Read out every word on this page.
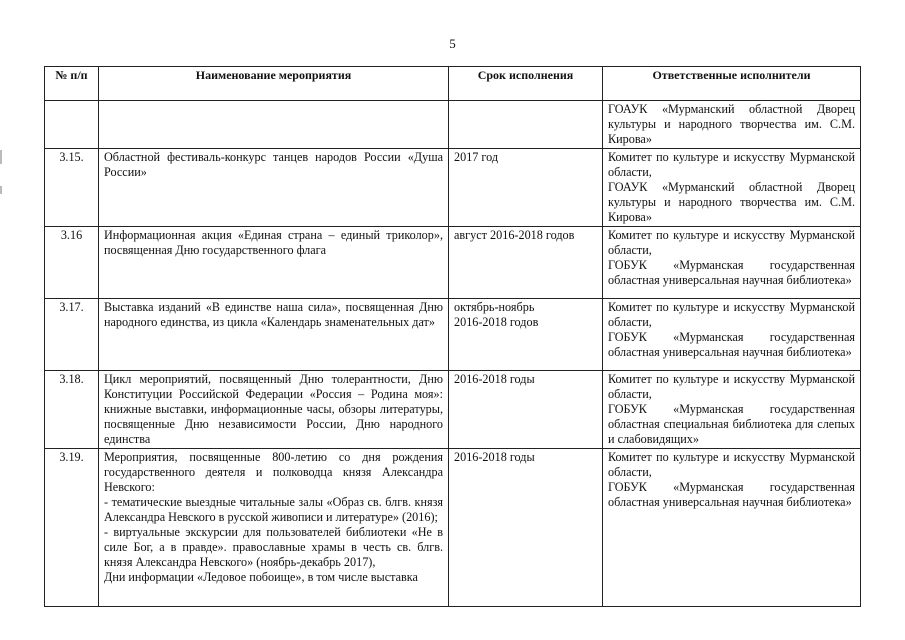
5
№ п/п	Наименование мероприятия	Срок исполнения	Ответственные исполнители

			ГОАУК «Мурманский областной Дворец культуры и народного творчества им. С.М. Кирова»

3.15.	Областной фестиваль-конкурс танцев народов России «Душа России»	2017 год	Комитет по культуре и искусству Мурманской области,
ГОАУК «Мурманский областной Дворец культуры и народного творчества им. С.М. Кирова»

3.16	Информационная акция «Единая страна – единый триколор», посвященная Дню государственного флага	август 2016-2018 годов	Комитет по культуре и искусству Мурманской области,
ГОБУК «Мурманская государственная областная универсальная научная библиотека»

3.17.	Выставка изданий «В единстве наша сила», посвященная Дню народного единства, из цикла «Календарь знаменательных дат»	октябрь-ноябрь
2016-2018 годов	Комитет по культуре и искусству Мурманской области,
ГОБУК «Мурманская государственная областная универсальная научная библиотека»

3.18.	Цикл мероприятий, посвященный Дню толерантности, Дню Конституции Российской Федерации «Россия – Родина моя»: книжные выставки, информационные часы, обзоры литературы, посвященные Дню независимости России, Дню народного единства	2016-2018 годы	Комитет по культуре и искусству Мурманской области,
ГОБУК «Мурманская государственная областная специальная библиотека для слепых и слабовидящих»

3.19.	Мероприятия, посвященные 800-летию со дня рождения государственного деятеля и полководца князя Александра Невского:
- тематические выездные читальные залы «Образ св. блгв. князя Александра Невского в русской живописи и литературе» (2016);
- виртуальные экскурсии для пользователей библиотеки «Не в силе Бог, а в правде». православные храмы в честь св. блгв. князя Александра Невского» (ноябрь-декабрь 2017),
Дни информации «Ледовое побоище», в том числе выставка	2016-2018 годы	Комитет по культуре и искусству Мурманской области,
ГОБУК «Мурманская государственная областная универсальная научная библиотека»
